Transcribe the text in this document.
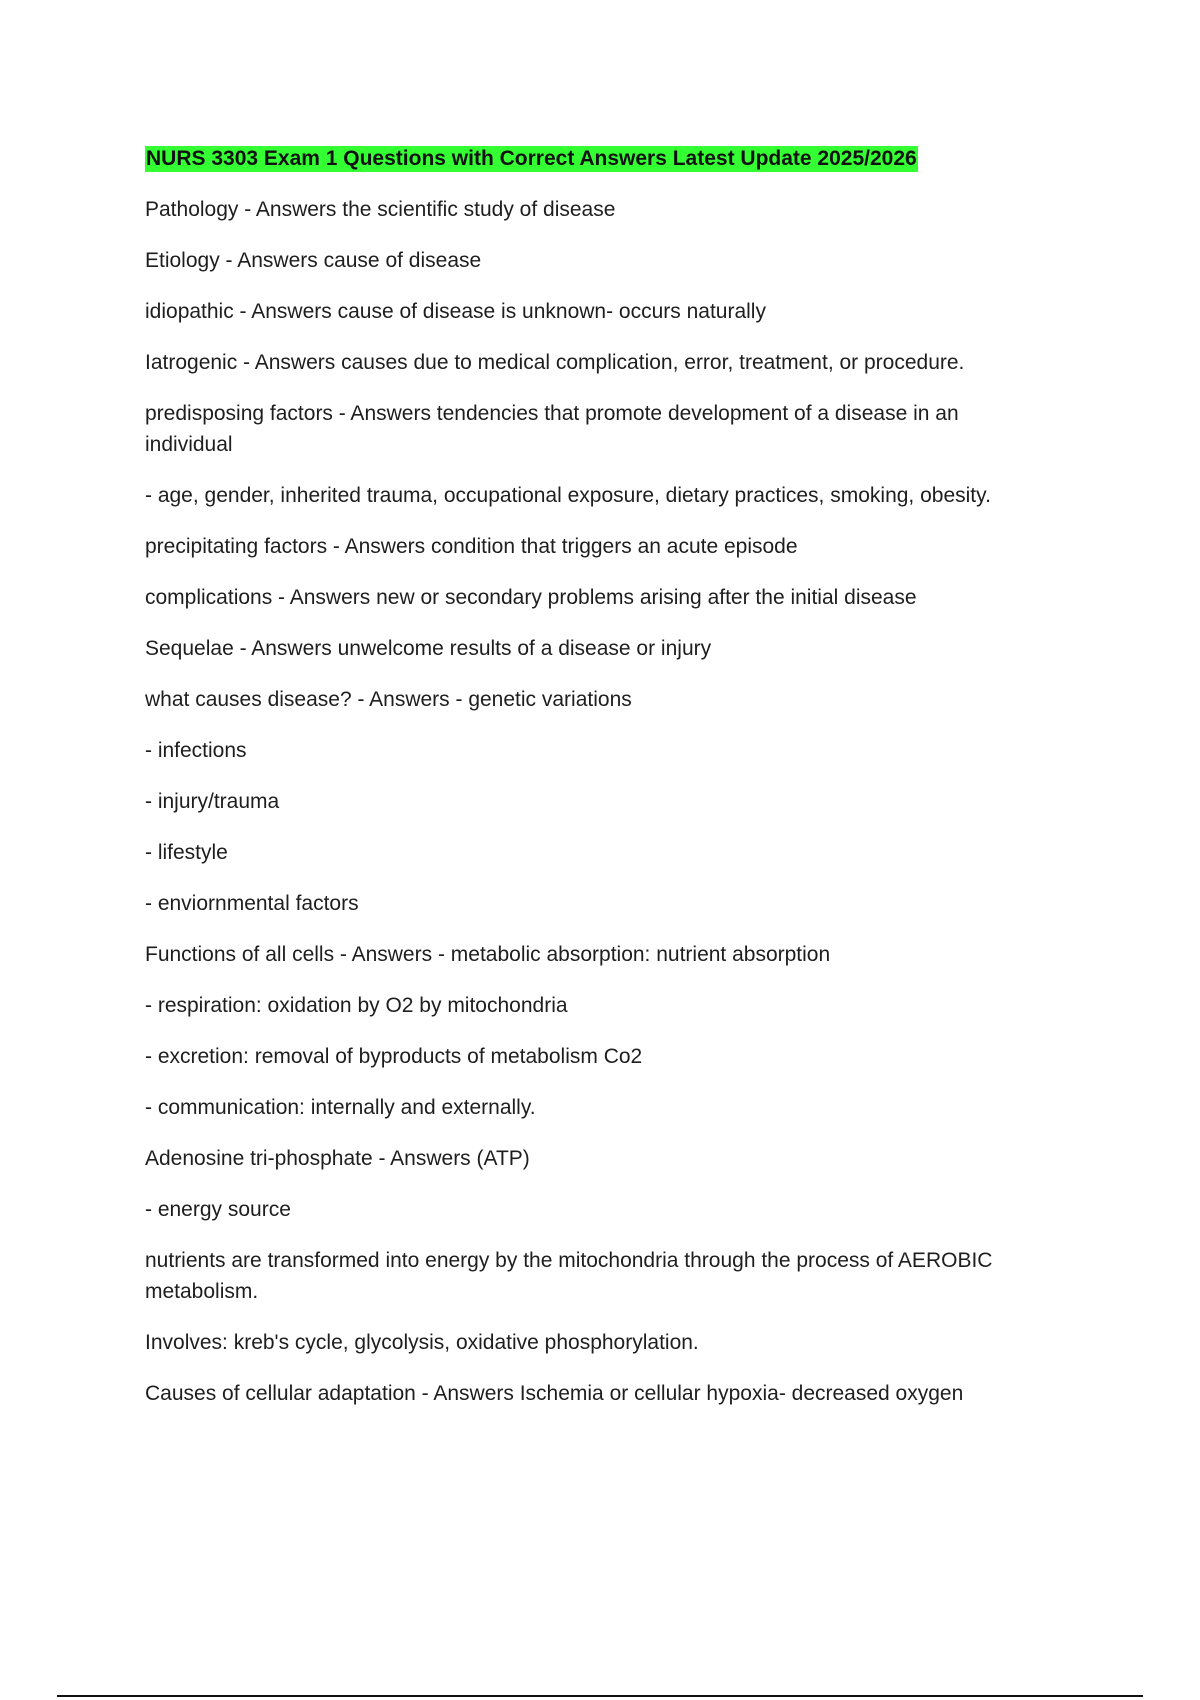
NURS 3303 Exam 1 Questions with Correct Answers Latest Update 2025/2026

Pathology - Answers the scientific study of disease

Etiology - Answers cause of disease

idiopathic - Answers cause of disease is unknown- occurs naturally

Iatrogenic - Answers causes due to medical complication, error, treatment, or procedure.

predisposing factors - Answers tendencies that promote development of a disease in an individual

- age, gender, inherited trauma, occupational exposure, dietary practices, smoking, obesity.

precipitating factors - Answers condition that triggers an acute episode

complications - Answers new or secondary problems arising after the initial disease

Sequelae - Answers unwelcome results of a disease or injury

what causes disease? - Answers - genetic variations

- infections

- injury/trauma

- lifestyle

- enviornmental factors

Functions of all cells - Answers - metabolic absorption: nutrient absorption

- respiration: oxidation by O2 by mitochondria

- excretion: removal of byproducts of metabolism Co2

- communication: internally and externally.

Adenosine tri-phosphate - Answers (ATP)

- energy source

nutrients are transformed into energy by the mitochondria through the process of AEROBIC metabolism.

Involves: kreb's cycle, glycolysis, oxidative phosphorylation.

Causes of cellular adaptation - Answers Ischemia or cellular hypoxia- decreased oxygen
